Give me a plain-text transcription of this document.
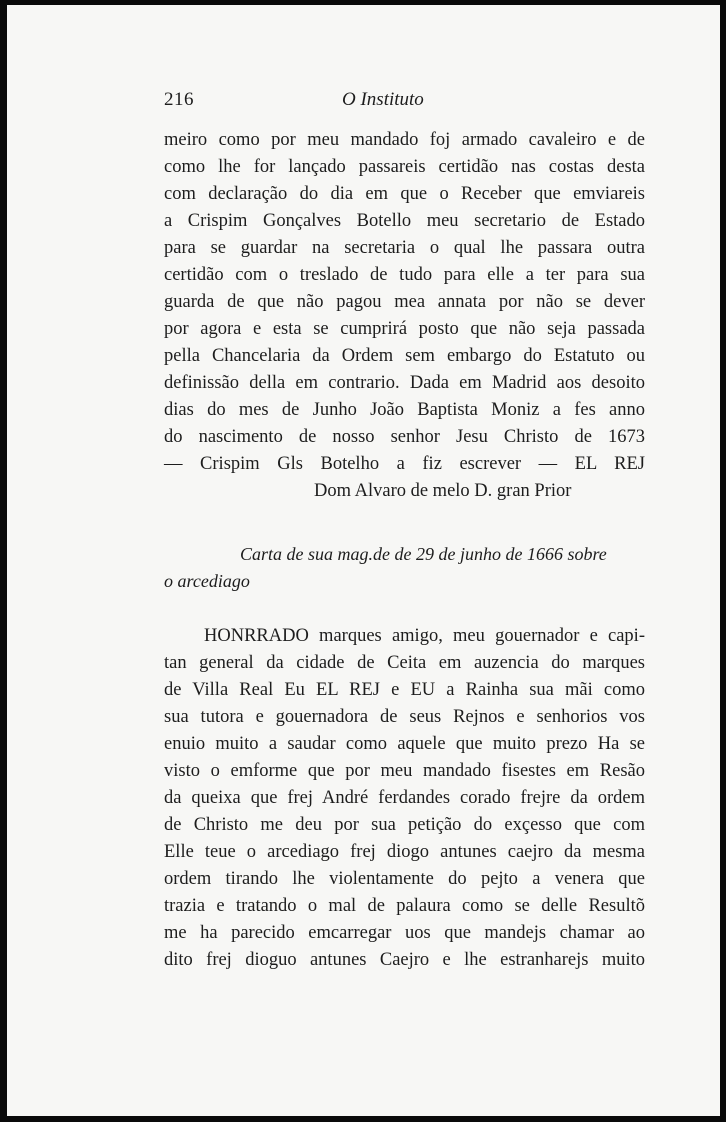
216	O Instituto
meiro como por meu mandado foj armado cavaleiro e de
como lhe for lançado passareis certidão nas costas desta
com declaração do dia em que o Receber que emviareis
a Crispim Gonçalves Botello meu secretario de Estado
para se guardar na secretaria o qual lhe passara outra
certidão com o treslado de tudo para elle a ter para sua
guarda de que não pagou mea annata por não se dever
por agora e esta se cumprirá posto que não seja passada
pella Chancelaria da Ordem sem embargo do Estatuto ou
definissão della em contrario. Dada em Madrid aos desoito
dias do mes de Junho João Baptista Moniz a fes anno
do nascimento de nosso senhor Jesu Christo de 1673
— Crispim Gls Botelho a fiz escrever — EL REJ
Dom Alvaro de melo D. gran Prior
Carta de sua mag.de de 29 de junho de 1666 sobre
o arcediago
HONRRADO marques amigo, meu gouernador e capi-
tan general da cidade de Ceita em auzencia do marques
de Villa Real Eu EL REJ e EU a Rainha sua mãi como
sua tutora e gouernadora de seus Rejnos e senhorios vos
enuio muito a saudar como aquele que muito prezo Ha se
visto o emforme que por meu mandado fisestes em Resão
da queixa que frej André ferdandes corado frejre da ordem
de Christo me deu por sua petição do exçesso que com
Elle teue o arcediago frej diogo antunes caejro da mesma
ordem tirando lhe violentamente do pejto a venera que
trazia e tratando o mal de palaura como se delle Resultõ
me ha parecido emcarregar uos que mandejs chamar ao
dito frej dioguo antunes Caejro e lhe estranharejs muito
